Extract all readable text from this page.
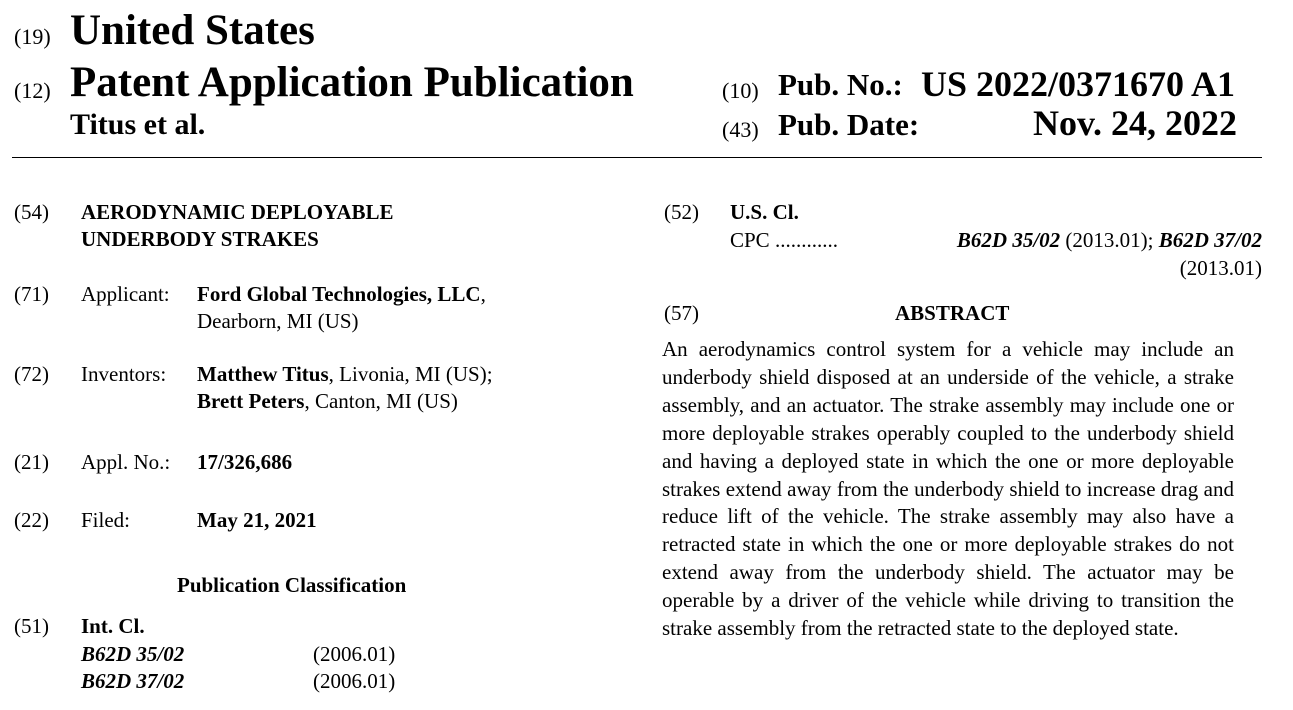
(19) United States
(12) Patent Application Publication
Titus et al.
(10) Pub. No.: US 2022/0371670 A1
(43) Pub. Date:	Nov. 24, 2022
(54) AERODYNAMIC DEPLOYABLE
UNDERBODY STRAKES
(71) Applicant: Ford Global Technologies, LLC,
Dearborn, MI (US)
(72) Inventors: Matthew Titus, Livonia, MI (US);
Brett Peters, Canton, MI (US)
(21) Appl. No.: 17/326,686
(22) Filed:	May 21, 2021
Publication Classification
(51) Int. Cl.
B62D 35/02	(2006.01)
B62D 37/02	(2006.01)
(52) U.S. Cl.
CPC ............	B62D 35/02 (2013.01); B62D 37/02
(2013.01)
(57)	ABSTRACT
An aerodynamics control system for a vehicle may include an underbody shield disposed at an underside of the vehicle, a strake assembly, and an actuator. The strake assembly may include one or more deployable strakes operably coupled to the underbody shield and having a deployed state in which the one or more deployable strakes extend away from the underbody shield to increase drag and reduce lift of the vehicle. The strake assembly may also have a retracted state in which the one or more deployable strakes do not extend away from the underbody shield. The actuator may be operable by a driver of the vehicle while driving to transition the strake assembly from the retracted state to the deployed state.
